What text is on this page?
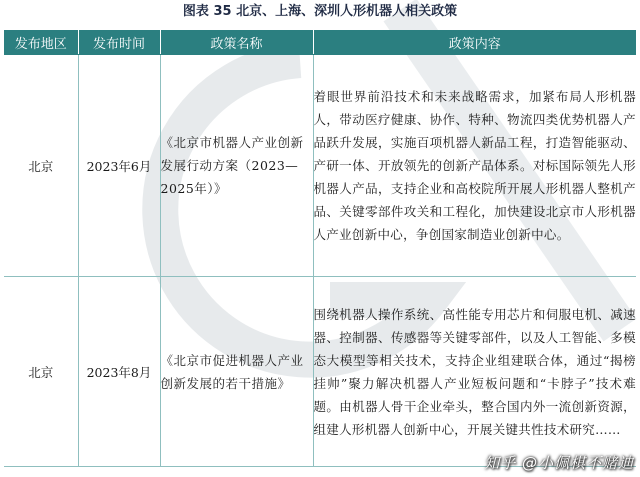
图表 35 北京、上海、深圳人形机器人相关政策
发布地区	发布时间	政策名称	政策内容
北京	2023年6月	《北京市机器人产业创新发展行动方案（2023—2025年）》	着眼世界前沿技术和未来战略需求，加紧布局人形机器人，带动医疗健康、协作、特种、物流四类优势机器人产品跃升发展，实施百项机器人新品工程，打造智能驱动、产研一体、开放领先的创新产品体系。对标国际领先人形机器人产品，支持企业和高校院所开展人形机器人整机产品、关键零部件攻关和工程化，加快建设北京市人形机器人产业创新中心，争创国家制造业创新中心。
北京	2023年8月	《北京市促进机器人产业创新发展的若干措施》	围绕机器人操作系统、高性能专用芯片和伺服电机、减速器、控制器、传感器等关键零部件，以及人工智能、多模态大模型等相关技术，支持企业组建联合体，通过“揭榜挂帅”聚力解决机器人产业短板问题和“卡脖子”技术难题。由机器人骨干企业牵头，整合国内外一流创新资源，组建人形机器人创新中心，开展关键共性技术研究……
知乎 @小佩棋不赌迪
